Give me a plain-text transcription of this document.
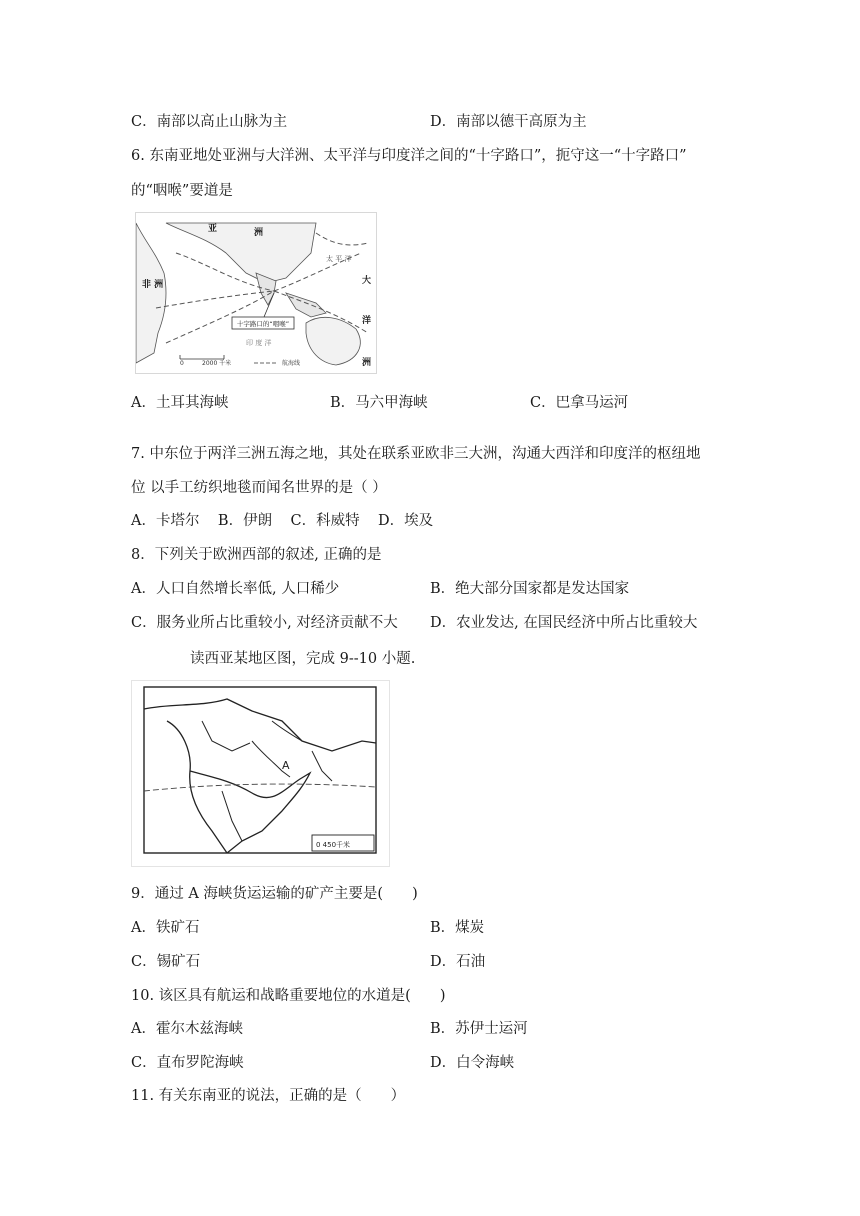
C．南部以高止山脉为主	D．南部以德干高原为主
6. 东南亚地处亚洲与大洋洲、太平洋与印度洋之间的“十字路口”，扼守这一“十字路口”
的“咽喉”要道是
十字路口的“咽喉”
亚	洲
非 洲
太 平 洋
大
洋
洲
印 度 洋
0	2000 千米	航海线
A．土耳其海峡	B．马六甲海峡	C．巴拿马运河
7. 中东位于两洋三洲五海之地，其处在联系亚欧非三大洲，沟通大西洋和印度洋的枢纽地
位 以手工纺织地毯而闻名世界的是（ ）
A．卡塔尔    B．伊朗    C．科威特    D．埃及
8．下列关于欧洲西部的叙述, 正确的是
A．人口自然增长率低, 人口稀少	B．绝大部分国家都是发达国家
C．服务业所占比重较小, 对经济贡献不大 D．农业发达, 在国民经济中所占比重较大
读西亚某地区图，完成 9--10 小题.
A
0 450千米
9．通过 A 海峡货运运输的矿产主要是(　　)
A．铁矿石	B．煤炭
C．锡矿石	D．石油
10. 该区具有航运和战略重要地位的水道是(　　)
A．霍尔木兹海峡	B．苏伊士运河
C．直布罗陀海峡	D．白令海峡
11. 有关东南亚的说法，正确的是（　　）
